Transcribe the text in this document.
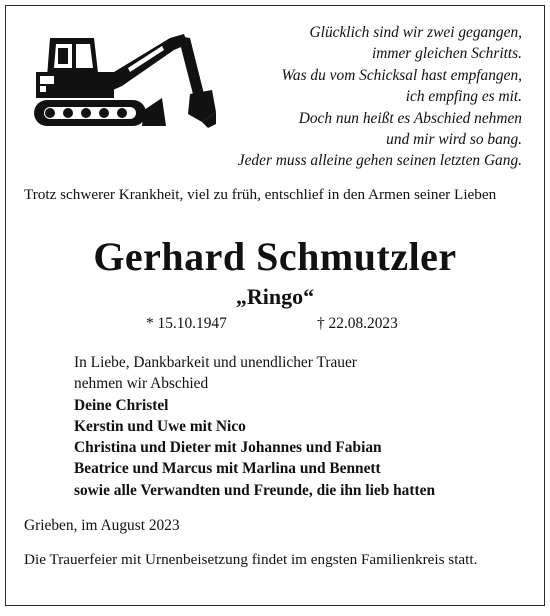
Glücklich sind wir zwei gegangen,
immer gleichen Schritts.
Was du vom Schicksal hast empfangen,
ich empfing es mit.
Doch nun heißt es Abschied nehmen
und mir wird so bang.
Jeder muss alleine gehen seinen letzten Gang.
Trotz schwerer Krankheit, viel zu früh, entschlief in den Armen seiner Lieben
Gerhard Schmutzler
„Ringo“
* 15.10.1947	† 22.08.2023
In Liebe, Dankbarkeit und unendlicher Trauer
nehmen wir Abschied
Deine Christel
Kerstin und Uwe mit Nico
Christina und Dieter mit Johannes und Fabian
Beatrice und Marcus mit Marlina und Bennett
sowie alle Verwandten und Freunde, die ihn lieb hatten
Grieben, im August 2023
Die Trauerfeier mit Urnenbeisetzung findet im engsten Familienkreis statt.
